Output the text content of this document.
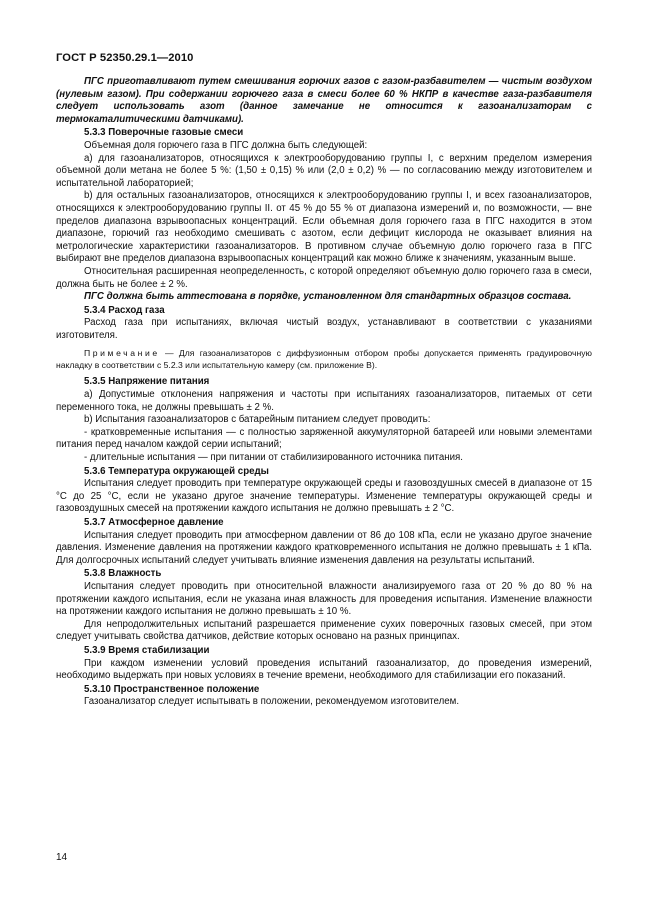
ГОСТ Р 52350.29.1—2010

ПГС приготавливают путем смешивания горючих газов с газом-разбавителем — чистым воздухом (нулевым газом). При содержании горючего газа в смеси более 60 % НКПР в качестве газа-разбавителя следует использовать азот (данное замечание не относится к газоанализаторам с термокаталитическими датчиками).

5.3.3 Поверочные газовые смеси

Объемная доля горючего газа в ПГС должна быть следующей:

а) для газоанализаторов, относящихся к электрооборудованию группы I, с верхним пределом измерения объемной доли метана не более 5 %: (1,50 ± 0,15) % или (2,0 ± 0,2) % — по согласованию между изготовителем и испытательной лабораторией;

b) для остальных газоанализаторов, относящихся к электрооборудованию группы I, и всех газоанализаторов, относящихся к электрооборудованию группы II. от 45 % до 55 % от диапазона измерений и, по возможности, — вне пределов диапазона взрывоопасных концентраций. Если объемная доля горючего газа в ПГС находится в этом диапазоне, горючий газ необходимо смешивать с азотом, если дефицит кислорода не оказывает влияния на метрологические характеристики газоанализаторов. В противном случае объемную долю горючего газа в ПГС выбирают вне пределов диапазона взрывоопасных концентраций как можно ближе к значениям, указанным выше.

Относительная расширенная неопределенность, с которой определяют объемную долю горючего газа в смеси, должна быть не более ± 2 %.

ПГС должна быть аттестована в порядке, установленном для стандартных образцов состава.

5.3.4 Расход газа

Расход газа при испытаниях, включая чистый воздух, устанавливают в соответствии с указаниями изготовителя.

Примечание — Для газоанализаторов с диффузионным отбором пробы допускается применять градуировочную накладку в соответствии с 5.2.3 или испытательную камеру (см. приложение В).

5.3.5 Напряжение питания

а) Допустимые отклонения напряжения и частоты при испытаниях газоанализаторов, питаемых от сети переменного тока, не должны превышать ± 2 %.

b) Испытания газоанализаторов с батарейным питанием следует проводить:

- кратковременные испытания — с полностью заряженной аккумуляторной батареей или новыми элементами питания перед началом каждой серии испытаний;

- длительные испытания — при питании от стабилизированного источника питания.

5.3.6 Температура окружающей среды

Испытания следует проводить при температуре окружающей среды и газовоздушных смесей в диапазоне от 15 °С до 25 °С, если не указано другое значение температуры. Изменение температуры окружающей среды и газовоздушных смесей на протяжении каждого испытания не должно превышать ± 2 °С.

5.3.7 Атмосферное давление

Испытания следует проводить при атмосферном давлении от 86 до 108 кПа, если не указано другое значение давления. Изменение давления на протяжении каждого кратковременного испытания не должно превышать ± 1 кПа. Для долгосрочных испытаний следует учитывать влияние изменения давления на результаты испытаний.

5.3.8 Влажность

Испытания следует проводить при относительной влажности анализируемого газа от 20 % до 80 % на протяжении каждого испытания, если не указана иная влажность для проведения испытания. Изменение влажности на протяжении каждого испытания не должно превышать ± 10 %.

Для непродолжительных испытаний разрешается применение сухих поверочных газовых смесей, при этом следует учитывать свойства датчиков, действие которых основано на разных принципах.

5.3.9 Время стабилизации

При каждом изменении условий проведения испытаний газоанализатор, до проведения измерений, необходимо выдержать при новых условиях в течение времени, необходимого для стабилизации его показаний.

5.3.10 Пространственное положение

Газоанализатор следует испытывать в положении, рекомендуемом изготовителем.

14
